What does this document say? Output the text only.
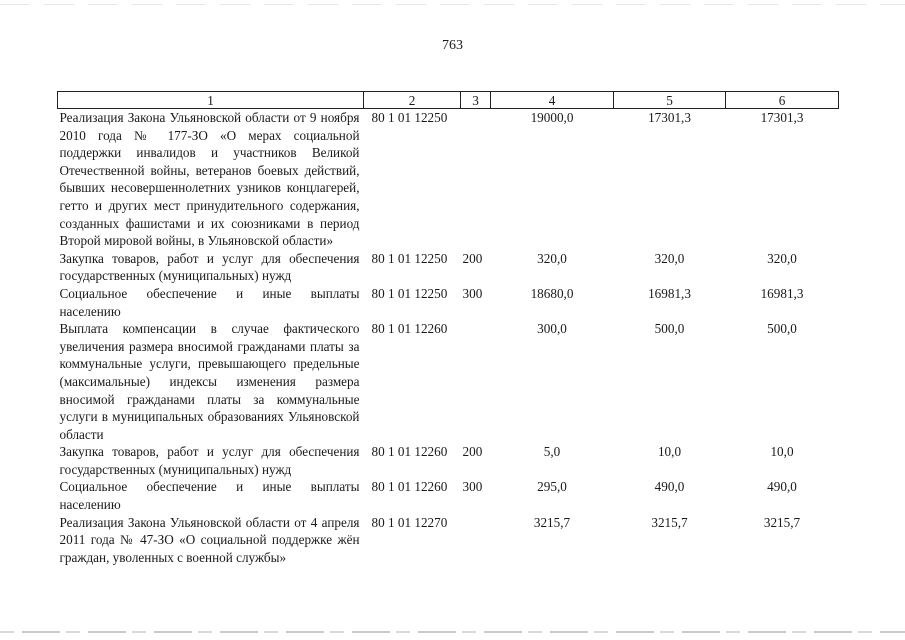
763
1	2	3	4	5	6
Реализация Закона Ульяновской области от 9 ноября 2010 года № 177-ЗО «О мерах социальной поддержки инвалидов и участников Великой Отечественной войны, ветеранов боевых действий, бывших несовершеннолетних узников концлагерей, гетто и других мест принудительного содержания, созданных фашистами и их союзниками в период Второй мировой войны, в Ульяновской области»	80 1 01 12250		19000,0	17301,3	17301,3
Закупка товаров, работ и услуг для обеспечения государственных (муниципальных) нужд	80 1 01 12250	200	320,0	320,0	320,0
Социальное обеспечение и иные выплаты населению	80 1 01 12250	300	18680,0	16981,3	16981,3
Выплата компенсации в случае фактического увеличения размера вносимой гражданами платы за коммунальные услуги, превышающего предельные (максимальные) индексы изменения размера вносимой гражданами платы за коммунальные услуги в муниципальных образованиях Ульяновской области	80 1 01 12260		300,0	500,0	500,0
Закупка товаров, работ и услуг для обеспечения государственных (муниципальных) нужд	80 1 01 12260	200	5,0	10,0	10,0
Социальное обеспечение и иные выплаты населению	80 1 01 12260	300	295,0	490,0	490,0
Реализация Закона Ульяновской области от 4 апреля 2011 года № 47-ЗО «О социальной поддержке жён граждан, уволенных с военной службы»	80 1 01 12270		3215,7	3215,7	3215,7
